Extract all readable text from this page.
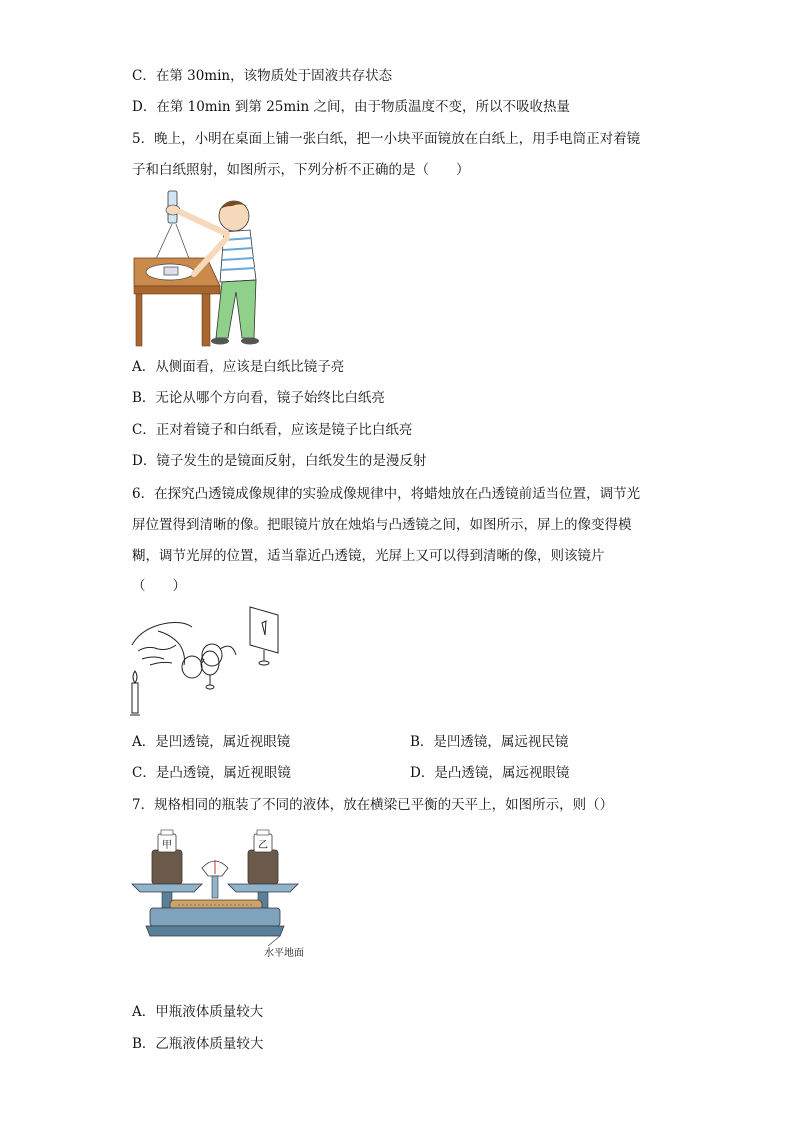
C．在第 30min，该物质处于固液共存状态
D．在第 10min 到第 25min 之间，由于物质温度不变，所以不吸收热量
5．晚上，小明在桌面上铺一张白纸，把一小块平面镜放在白纸上，用手电筒正对着镜
子和白纸照射，如图所示，下列分析不正确的是（　　）
A．从侧面看，应该是白纸比镜子亮
B．无论从哪个方向看，镜子始终比白纸亮
C．正对着镜子和白纸看，应该是镜子比白纸亮
D．镜子发生的是镜面反射，白纸发生的是漫反射
6．在探究凸透镜成像规律的实验成像规律中，将蜡烛放在凸透镜前适当位置，调节光
屏位置得到清晰的像。把眼镜片放在烛焰与凸透镜之间，如图所示，屏上的像变得模
糊，调节光屏的位置，适当靠近凸透镜，光屏上又可以得到清晰的像，则该镜片
（　　）
A．是凹透镜，属近视眼镜	B．是凹透镜，属远视民镜
C．是凸透镜，属近视眼镜	D．是凸透镜，属远视眼镜
7．规格相同的瓶装了不同的液体，放在横梁已平衡的天平上，如图所示，则（）
甲	乙
水平地面
A．甲瓶液体质量较大
B．乙瓶液体质量较大
